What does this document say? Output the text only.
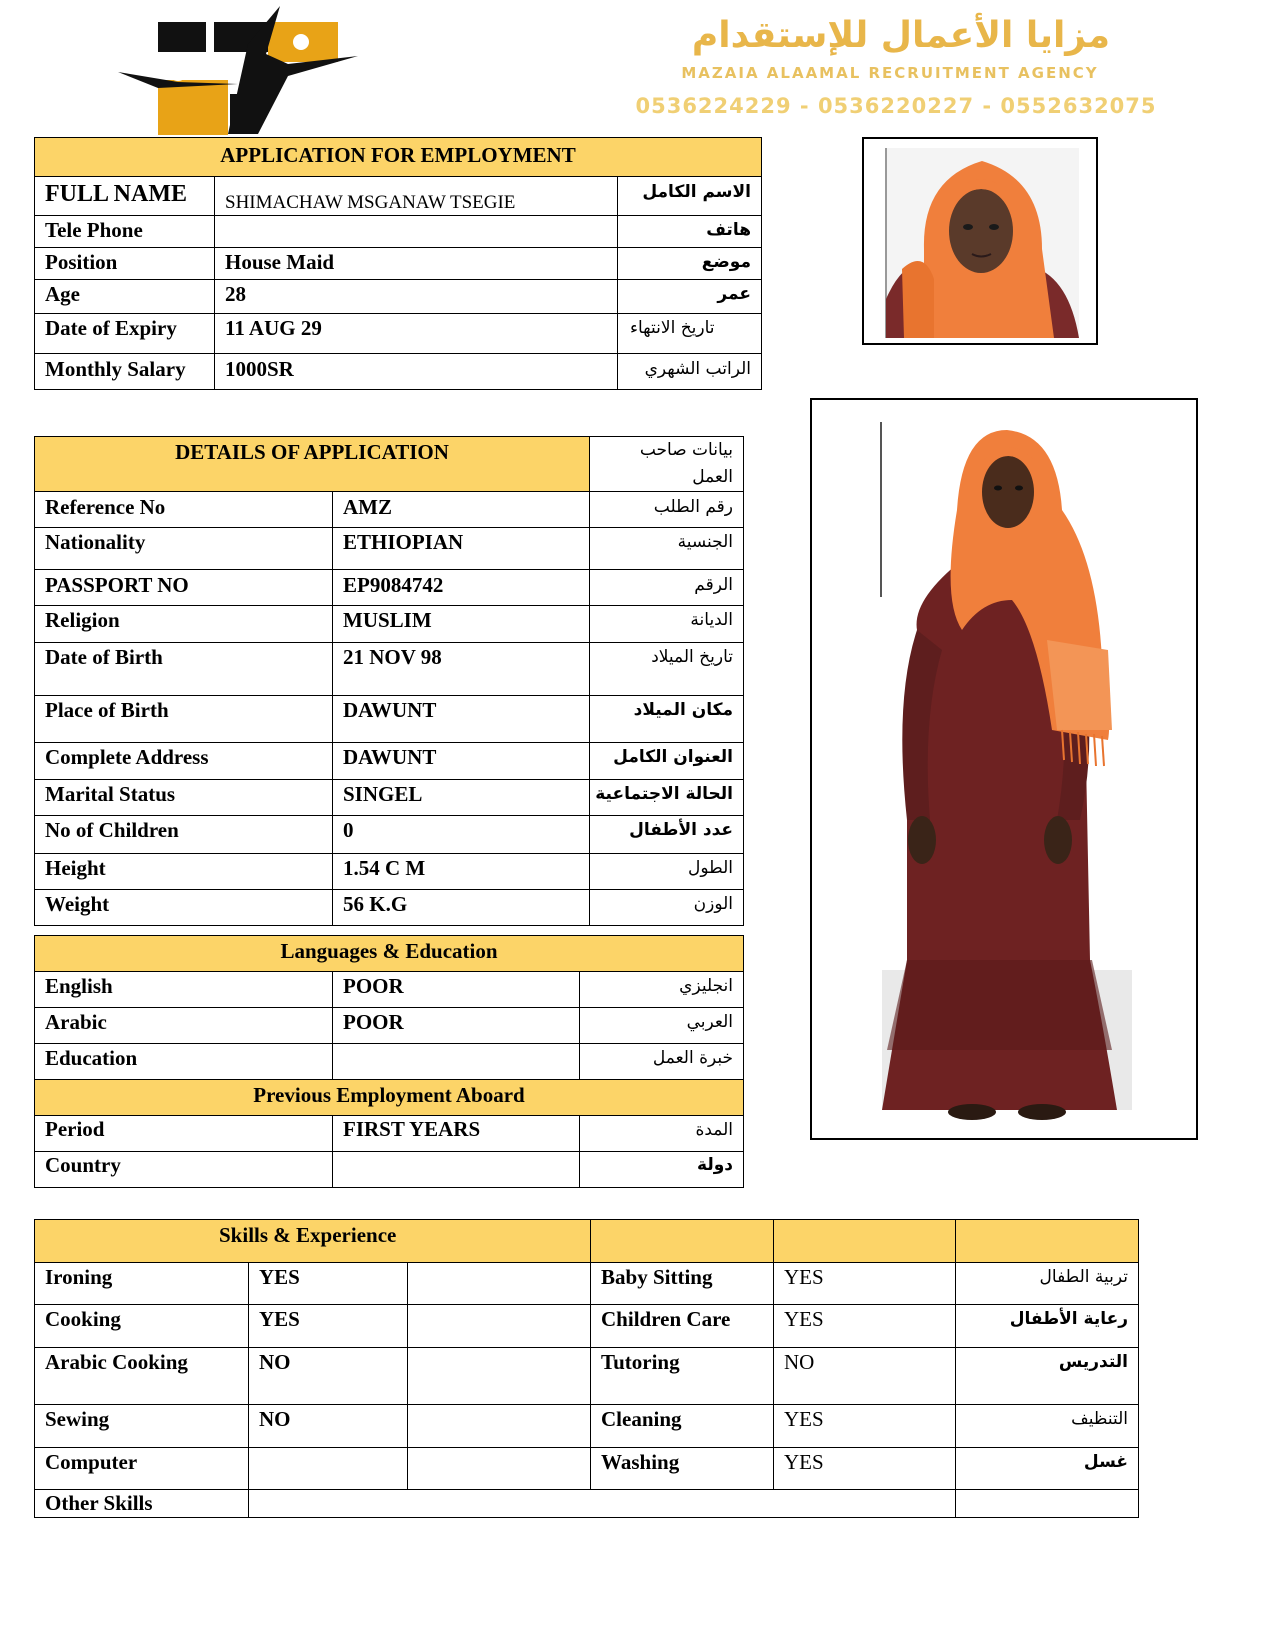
مزايا الأعمال للإستقدام
MAZAIA ALAAMAL RECRUITMENT AGENCY
0536224229 - 0536220227 - 0552632075
APPLICATION FOR EMPLOYMENT		
FULL NAME	SHIMACHAW MSGANAW TSEGIE	الاسم الكامل
Tele Phone		هاتف
Position	House Maid	موضع
Age	28	عمر
Date of Expiry	11 AUG 29	تاريخ الانتهاء
Monthly Salary	1000SR	الراتب الشهري
DETAILS OF APPLICATION		بيانات صاحب العمل
Reference No	AMZ	رقم الطلب
Nationality	ETHIOPIAN	الجنسية
PASSPORT NO	EP9084742	الرقم
Religion	MUSLIM	الديانة
Date of Birth	21 NOV 98	تاريخ الميلاد
Place of Birth	DAWUNT	مكان الميلاد
Complete Address	DAWUNT	العنوان الكامل
Marital Status	SINGEL	الحالة الاجتماعية
No of Children	0	عدد الأطفال
Height	1.54 C M	الطول
Weight	56 K.G	الوزن
Languages & Education		
English	POOR	انجليزي
Arabic	POOR	العربي
Education		خبرة العمل
Previous Employment Aboard		
Period	FIRST YEARS	المدة
Country		دولة
Skills & Experience					
Ironing	YES		Baby Sitting	YES	تربية الطفال
Cooking	YES		Children Care	YES	رعاية الأطفال
Arabic Cooking	NO		Tutoring	NO	التدريس
Sewing	NO		Cleaning	YES	التنظيف
Computer			Washing	YES	غسل
Other Skills					
